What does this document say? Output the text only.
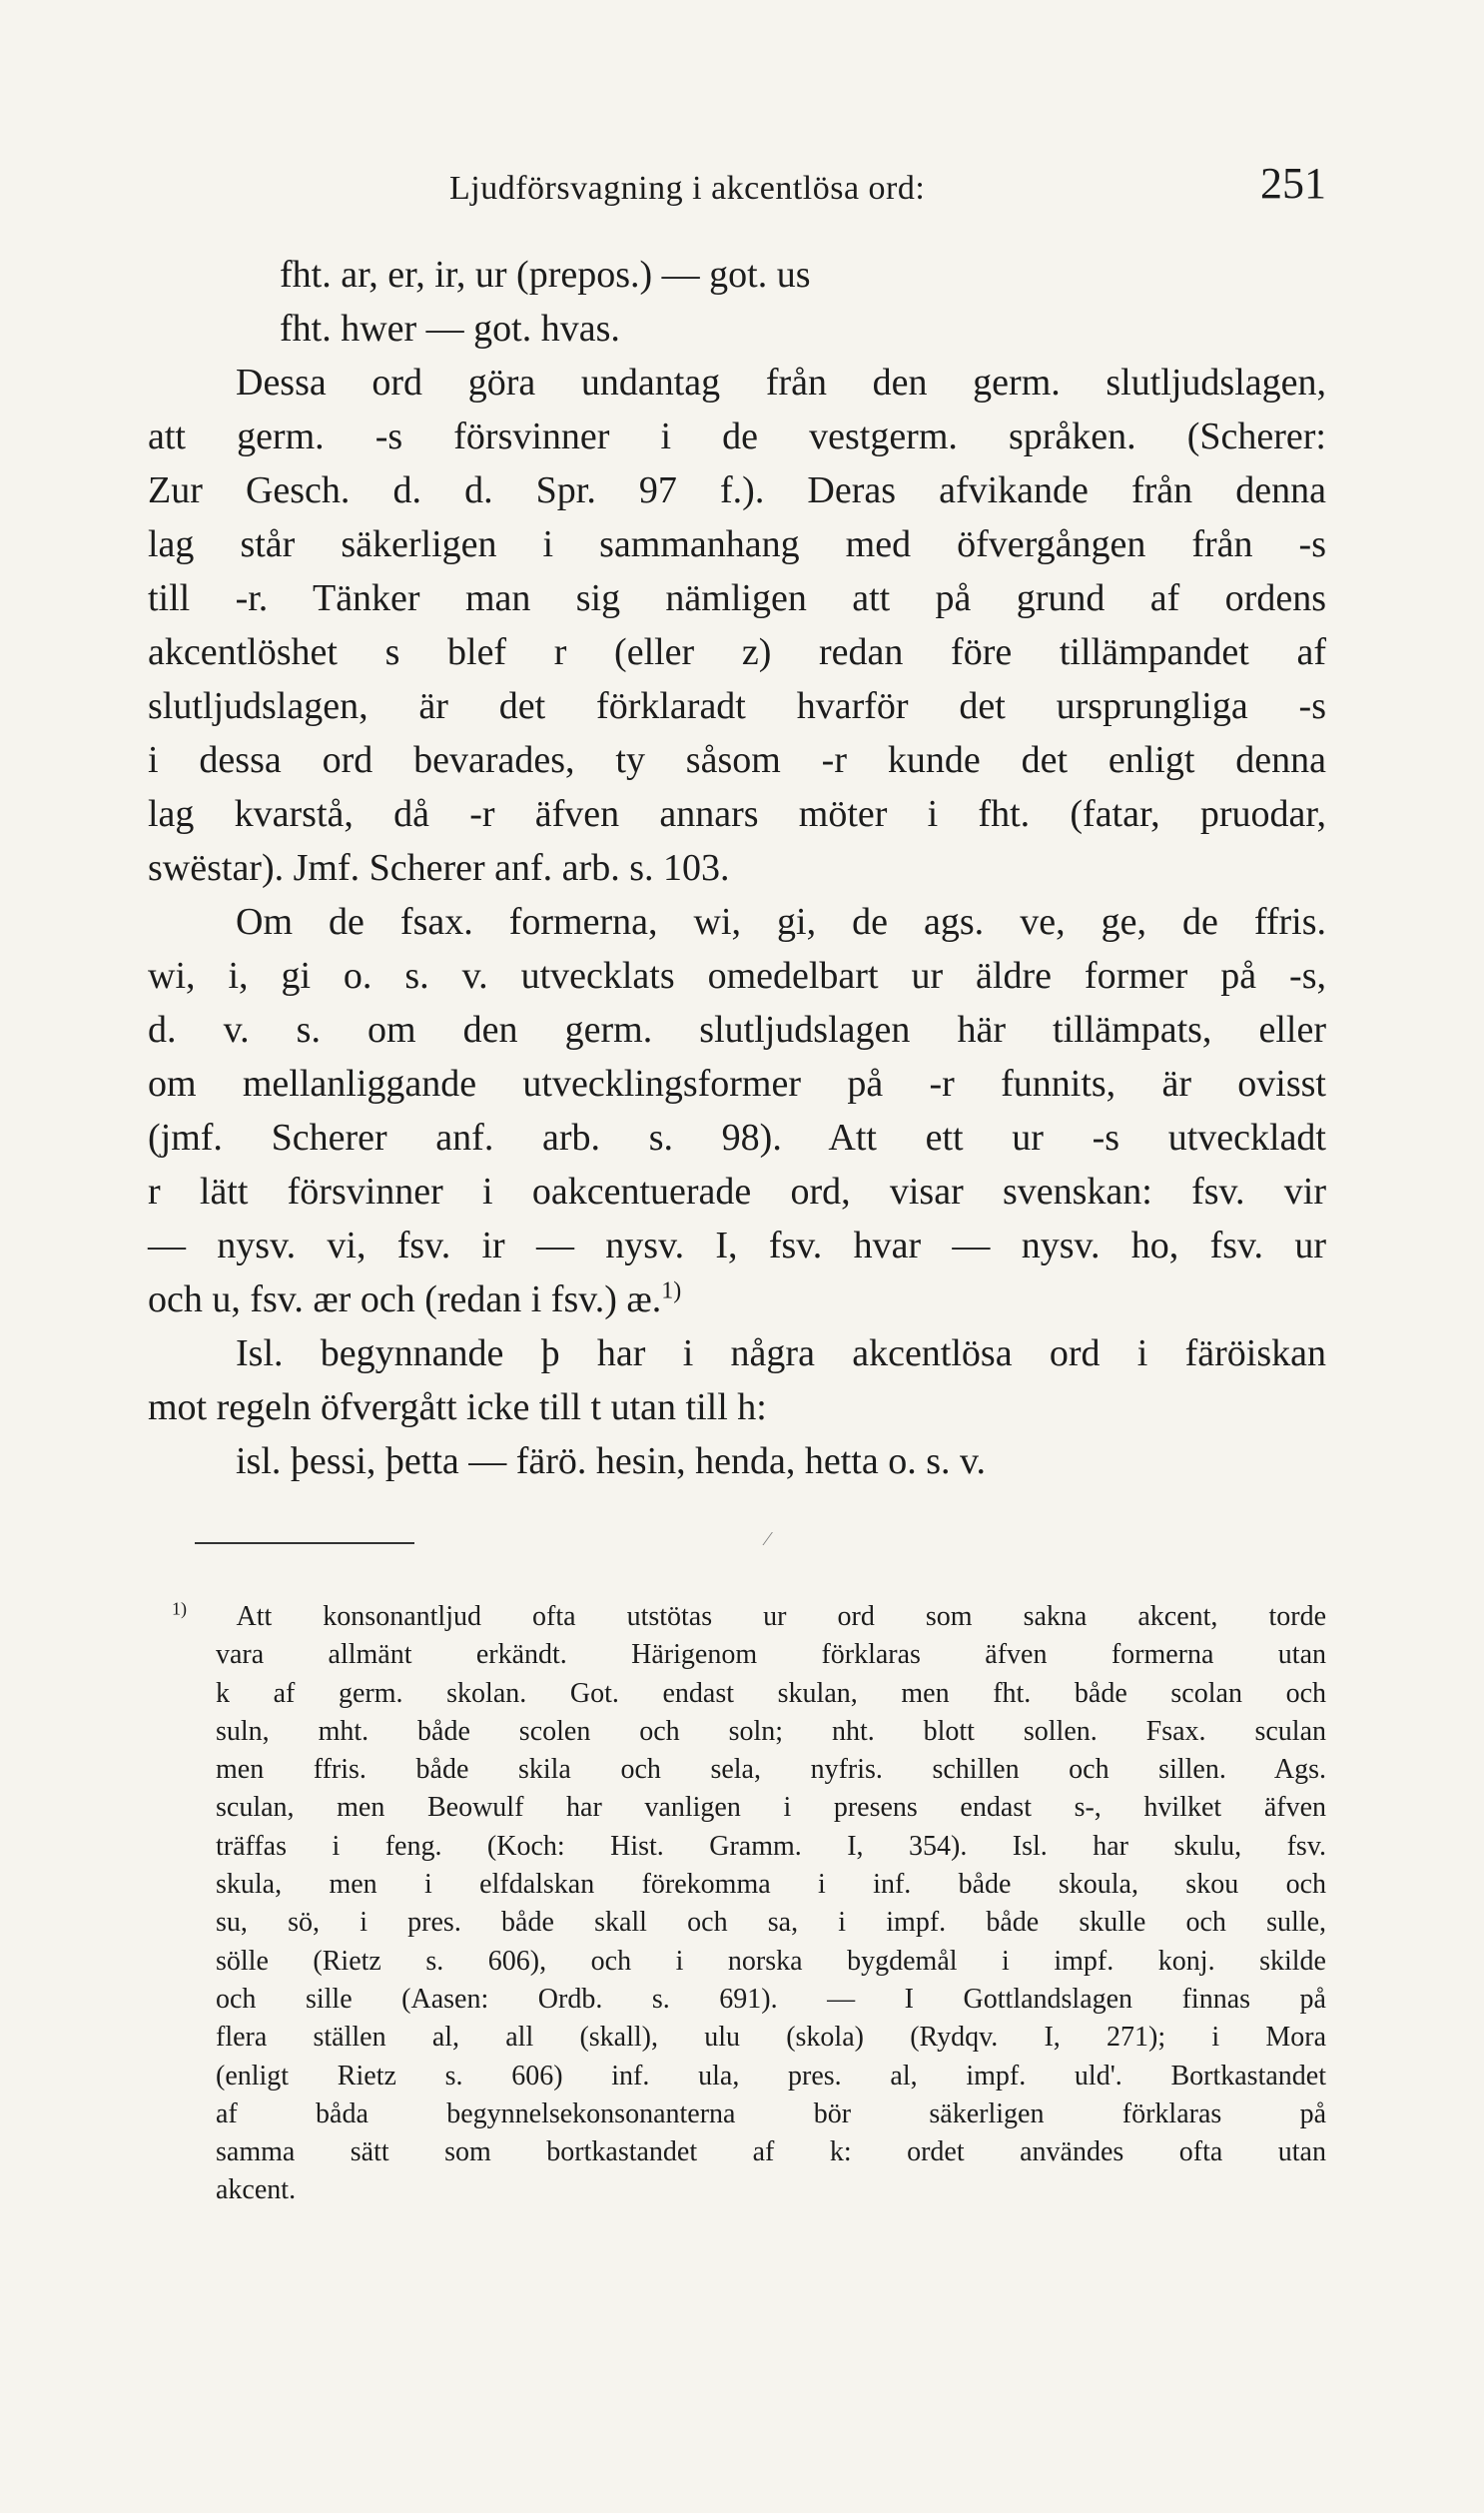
Ljudförsvagning i akcentlösa ord:	251
fht. ar, er, ir, ur (prepos.) — got. us
fht. hwer — got. hvas.
Dessa ord göra undantag från den germ. slutljudslagen,
att germ. -s försvinner i de vestgerm. språken. (Scherer:
Zur Gesch. d. d. Spr. 97 f.). Deras afvikande från denna
lag står säkerligen i sammanhang med öfvergången från -s
till -r. Tänker man sig nämligen att på grund af ordens
akcentlöshet s blef r (eller z) redan före tillämpandet af
slutljudslagen, är det förklaradt hvarför det ursprungliga -s
i dessa ord bevarades, ty såsom -r kunde det enligt denna
lag kvarstå, då -r äfven annars möter i fht. (fatar, pruodar,
swëstar). Jmf. Scherer anf. arb. s. 103.
Om de fsax. formerna, wi, gi, de ags. ve, ge, de ffris.
wi, i, gi o. s. v. utvecklats omedelbart ur äldre former på -s,
d. v. s. om den germ. slutljudslagen här tillämpats, eller
om mellanliggande utvecklingsformer på -r funnits, är ovisst
(jmf. Scherer anf. arb. s. 98). Att ett ur -s utveckladt
r lätt försvinner i oakcentuerade ord, visar svenskan: fsv. vir
— nysv. vi, fsv. ir — nysv. I, fsv. hvar — nysv. ho, fsv. ur
och u, fsv. ær och (redan i fsv.) æ.$^{1)}$
Isl. begynnande þ har i några akcentlösa ord i färöiskan
mot regeln öfvergått icke till t utan till h:
isl. þessi, þetta — färö. hesin, henda, hetta o. s. v.
⁄
$^{1)}$ Att konsonantljud ofta utstötas ur ord som sakna akcent, torde
vara allmänt erkändt. Härigenom förklaras äfven formerna utan
k af germ. skolan. Got. endast skulan, men fht. både scolan och
suln, mht. både scolen och soln; nht. blott sollen. Fsax. sculan
men ffris. både skila och sela, nyfris. schillen och sillen. Ags.
sculan, men Beowulf har vanligen i presens endast s-, hvilket äfven
träffas i feng. (Koch: Hist. Gramm. I, 354). Isl. har skulu, fsv.
skula, men i elfdalskan förekomma i inf. både skoula, skou och
su, sö, i pres. både skall och sa, i impf. både skulle och sulle,
sölle (Rietz s. 606), och i norska bygdemål i impf. konj. skilde
och sille (Aasen: Ordb. s. 691). — I Gottlandslagen finnas på
flera ställen al, all (skall), ulu (skola) (Rydqv. I, 271); i Mora
(enligt Rietz s. 606) inf. ula, pres. al, impf. uld'. Bortkastandet
af båda begynnelsekonsonanterna bör säkerligen förklaras på
samma sätt som bortkastandet af k: ordet användes ofta utan
akcent.
